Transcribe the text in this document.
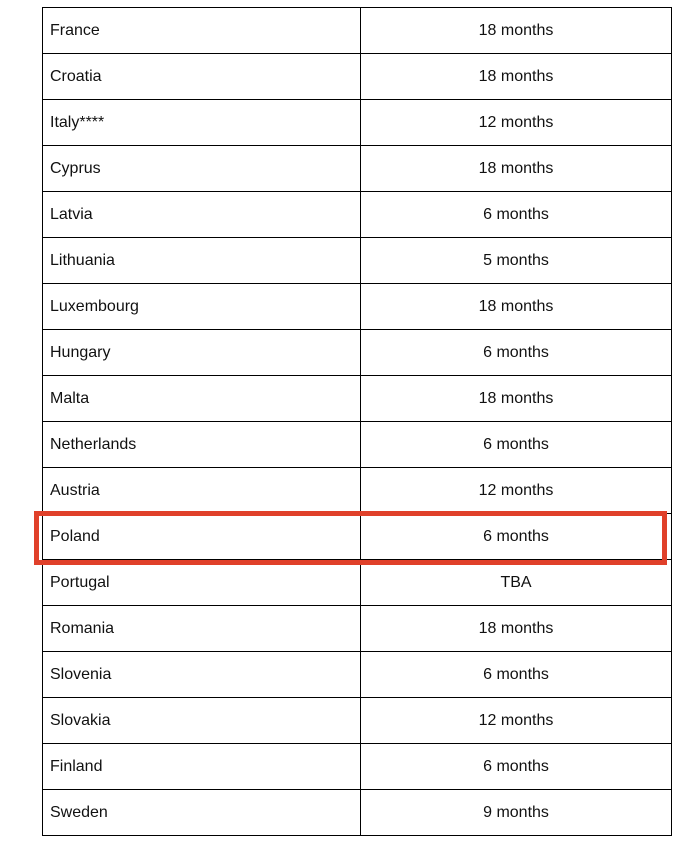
France	18 months
Croatia	18 months
Italy****	12 months
Cyprus	18 months
Latvia	6 months
Lithuania	5 months
Luxembourg	18 months
Hungary	6 months
Malta	18 months
Netherlands	6 months
Austria	12 months
Poland	6 months
Portugal	TBA
Romania	18 months
Slovenia	6 months
Slovakia	12 months
Finland	6 months
Sweden	9 months
